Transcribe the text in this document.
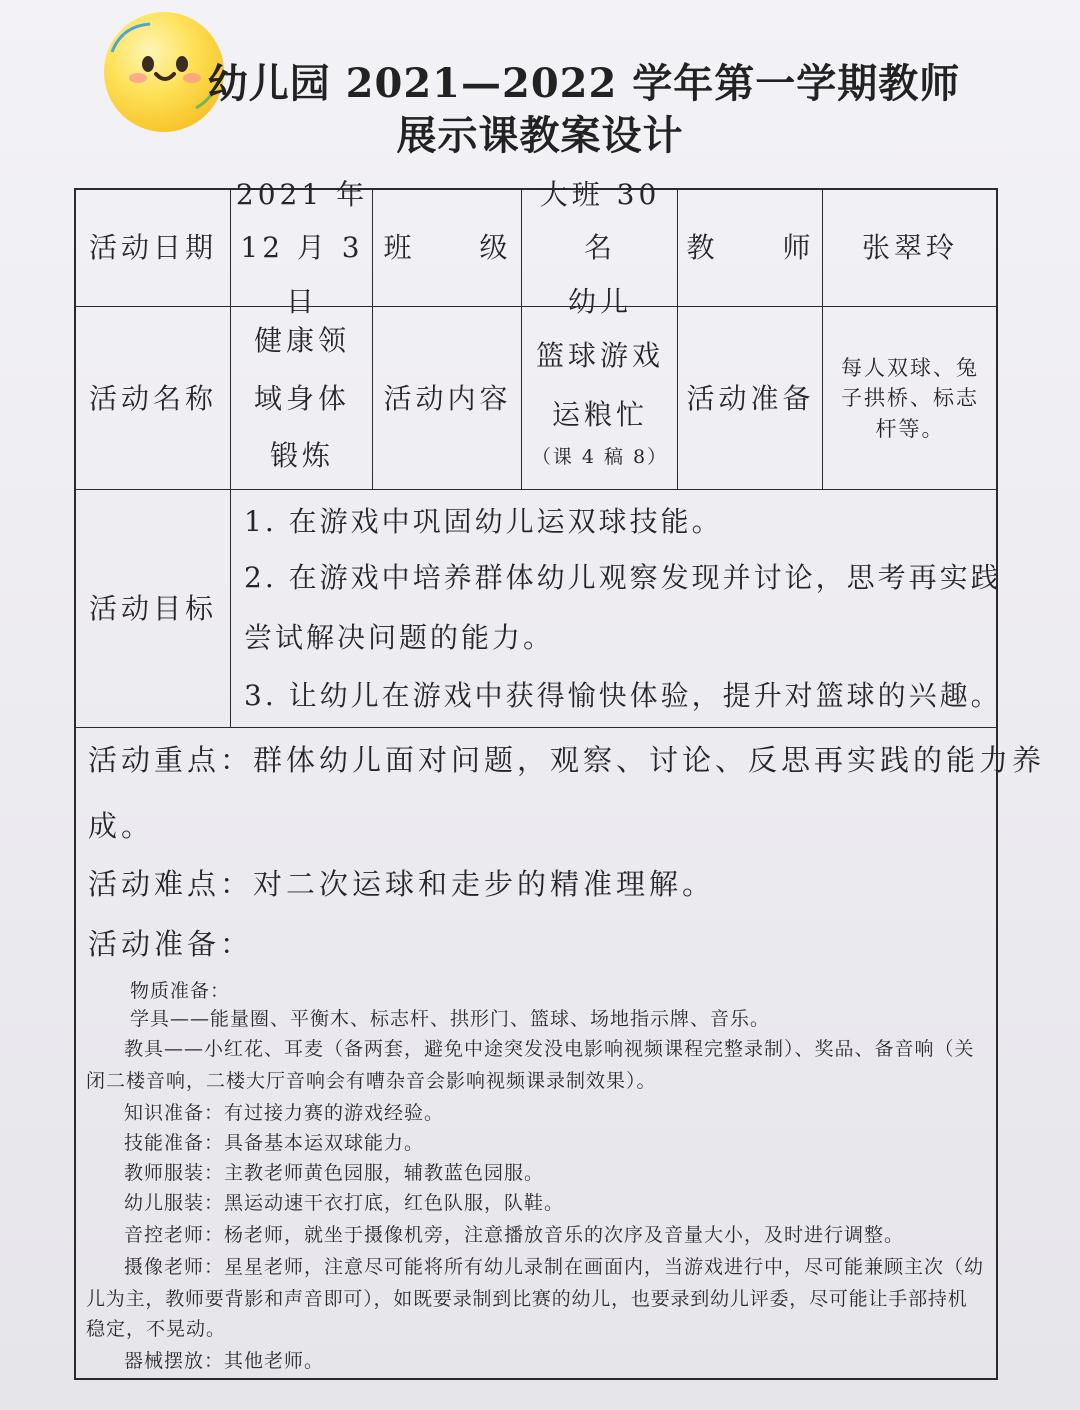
幼儿园 2021—2022 学年第一学期教师
展示课教案设计
活动日期
2021 年
12 月 3 日
班　　级
大班 30 名
幼儿
教　　师	张翠玲
活动名称
健康领
域身体
锻炼
活动内容
篮球游戏
运粮忙
（课 4 稿 8）
活动准备
每人双球、兔
子拱桥、标志
杆等。
活动目标
1. 在游戏中巩固幼儿运双球技能。
2. 在游戏中培养群体幼儿观察发现并讨论，思考再实践
尝试解决问题的能力。
3. 让幼儿在游戏中获得愉快体验，提升对篮球的兴趣。
活动重点：群体幼儿面对问题，观察、讨论、反思再实践的能力养
成。
活动难点：对二次运球和走步的精准理解。
活动准备：
物质准备：
学具——能量圈、平衡木、标志杆、拱形门、篮球、场地指示牌、音乐。
教具——小红花、耳麦（备两套，避免中途突发没电影响视频课程完整录制）、奖品、备音响（关
闭二楼音响，二楼大厅音响会有嘈杂音会影响视频课录制效果）。
知识准备：有过接力赛的游戏经验。
技能准备：具备基本运双球能力。
教师服装：主教老师黄色园服，辅教蓝色园服。
幼儿服装：黑运动速干衣打底，红色队服，队鞋。
音控老师：杨老师，就坐于摄像机旁，注意播放音乐的次序及音量大小，及时进行调整。
摄像老师：星星老师，注意尽可能将所有幼儿录制在画面内，当游戏进行中，尽可能兼顾主次（幼
儿为主，教师要背影和声音即可），如既要录制到比赛的幼儿，也要录到幼儿评委，尽可能让手部持机
稳定，不晃动。
器械摆放：其他老师。
